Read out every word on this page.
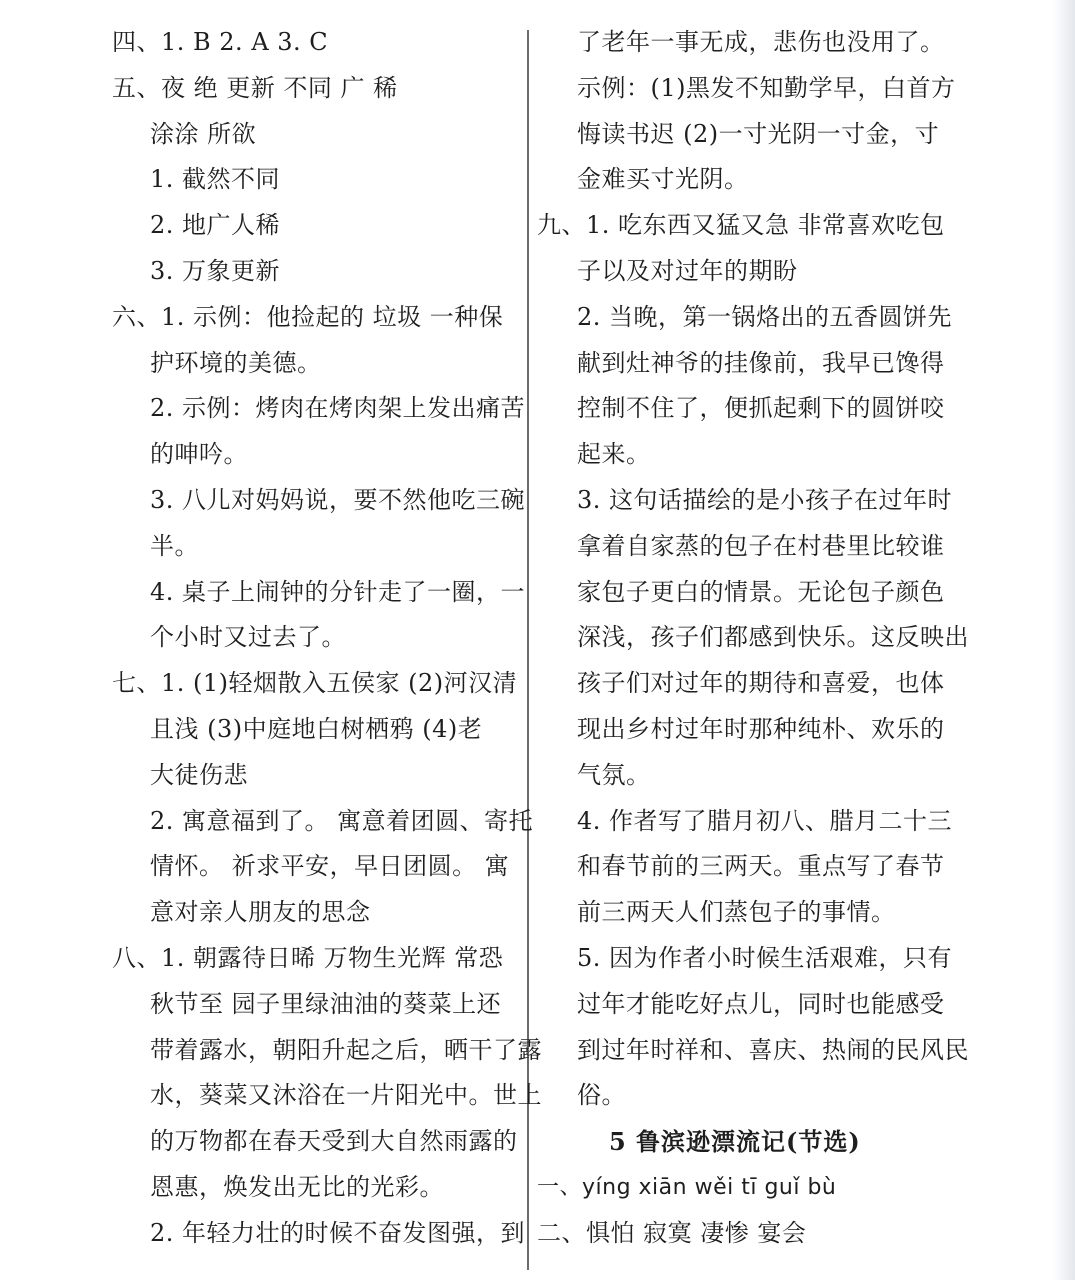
四、1. B 2. A 3. C
五、夜 绝 更新 不同 广 稀
涂涂 所欲
1. 截然不同
2. 地广人稀
3. 万象更新
六、1. 示例：他捡起的 垃圾 一种保
护环境的美德。
2. 示例：烤肉在烤肉架上发出痛苦
的呻吟。
3. 八儿对妈妈说，要不然他吃三碗
半。
4. 桌子上闹钟的分针走了一圈，一
个小时又过去了。
七、1. (1)轻烟散入五侯家 (2)河汉清
且浅 (3)中庭地白树栖鸦 (4)老
大徒伤悲
2. 寓意福到了。 寓意着团圆、寄托
情怀。 祈求平安，早日团圆。 寓
意对亲人朋友的思念
八、1. 朝露待日晞 万物生光辉 常恐
秋节至 园子里绿油油的葵菜上还
带着露水，朝阳升起之后，晒干了露
水，葵菜又沐浴在一片阳光中。世上
的万物都在春天受到大自然雨露的
恩惠，焕发出无比的光彩。
2. 年轻力壮的时候不奋发图强，到
了老年一事无成，悲伤也没用了。
示例：(1)黑发不知勤学早，白首方
悔读书迟 (2)一寸光阴一寸金，寸
金难买寸光阴。
九、1. 吃东西又猛又急 非常喜欢吃包
子以及对过年的期盼
2. 当晚，第一锅烙出的五香圆饼先
献到灶神爷的挂像前，我早已馋得
控制不住了，便抓起剩下的圆饼咬
起来。
3. 这句话描绘的是小孩子在过年时
拿着自家蒸的包子在村巷里比较谁
家包子更白的情景。无论包子颜色
深浅，孩子们都感到快乐。这反映出
孩子们对过年的期待和喜爱，也体
现出乡村过年时那种纯朴、欢乐的
气氛。
4. 作者写了腊月初八、腊月二十三
和春节前的三两天。重点写了春节
前三两天人们蒸包子的事情。
5. 因为作者小时候生活艰难，只有
过年才能吃好点儿，同时也能感受
到过年时祥和、喜庆、热闹的民风民
俗。
5 鲁滨逊漂流记(节选)
一、yíng xiān wěi tī guǐ bù
二、惧怕 寂寞 凄惨 宴会
